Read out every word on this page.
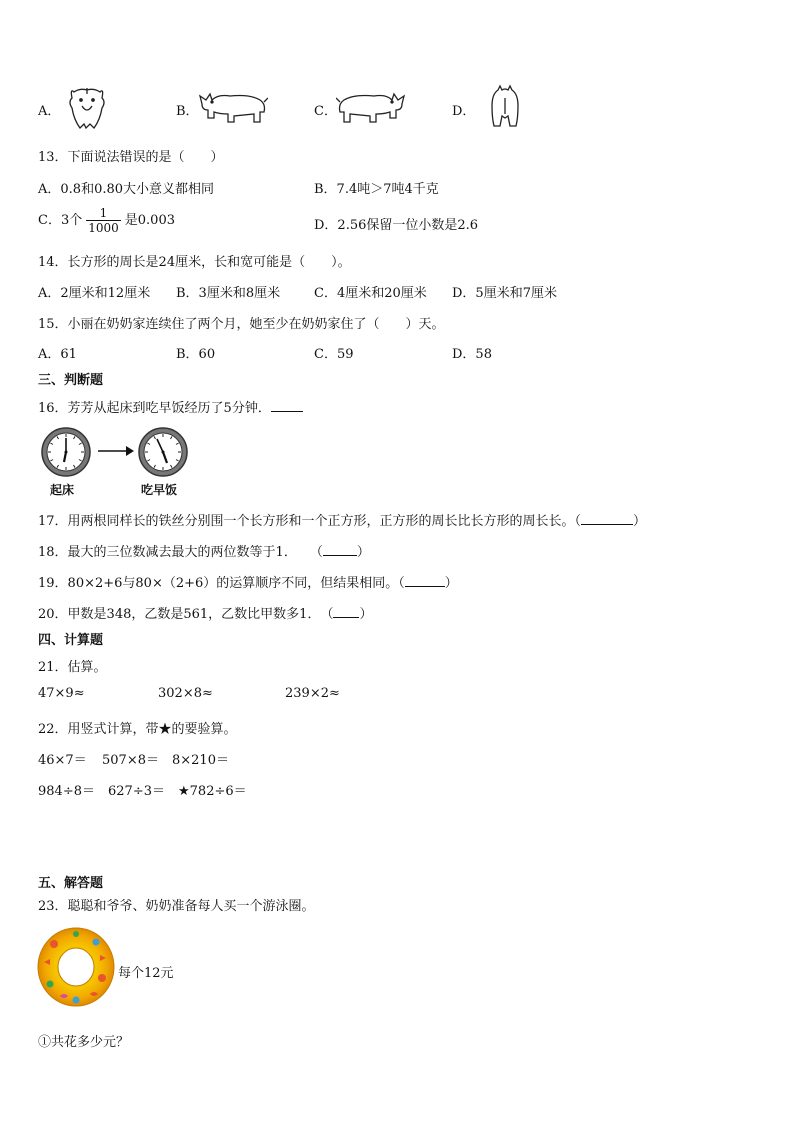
A．	B．	C．	D．
13．下面说法错误的是（　　）
A．0.8和0.80大小意义都相同	B．7.4吨＞7吨4千克
C．3个 $\frac{1}{1000}$ 是0.003	D．2.56保留一位小数是2.6
14．长方形的周长是24厘米，长和宽可能是（　　）。
A．2厘米和12厘米 B．3厘米和8厘米	C．4厘米和20厘米 D．5厘米和7厘米
15．小丽在奶奶家连续住了两个月，她至少在奶奶家住了（　　）天。
A．61	B．60	C．59	D．58
三、判断题
16．芳芳从起床到吃早饭经历了5分钟．
起床	吃早饭
17．用两根同样长的铁丝分别围一个长方形和一个正方形，正方形的周长比长方形的周长长。（	）
18．最大的三位数减去最大的两位数等于1．　　（	）
19．80×2+6与80×（2+6）的运算顺序不同，但结果相同。（	）
20．甲数是348，乙数是561，乙数比甲数多1．　（ ）
四、计算题
21．估算。
47×9≈	302×8≈	239×2≈
22．用竖式计算，带★的要验算。
46×7＝ 507×8＝ 8×210＝
984÷8＝ 627÷3＝ ★782÷6＝
五、解答题
23．聪聪和爷爷、奶奶准备每人买一个游泳圈。
每个12元
①共花多少元？
